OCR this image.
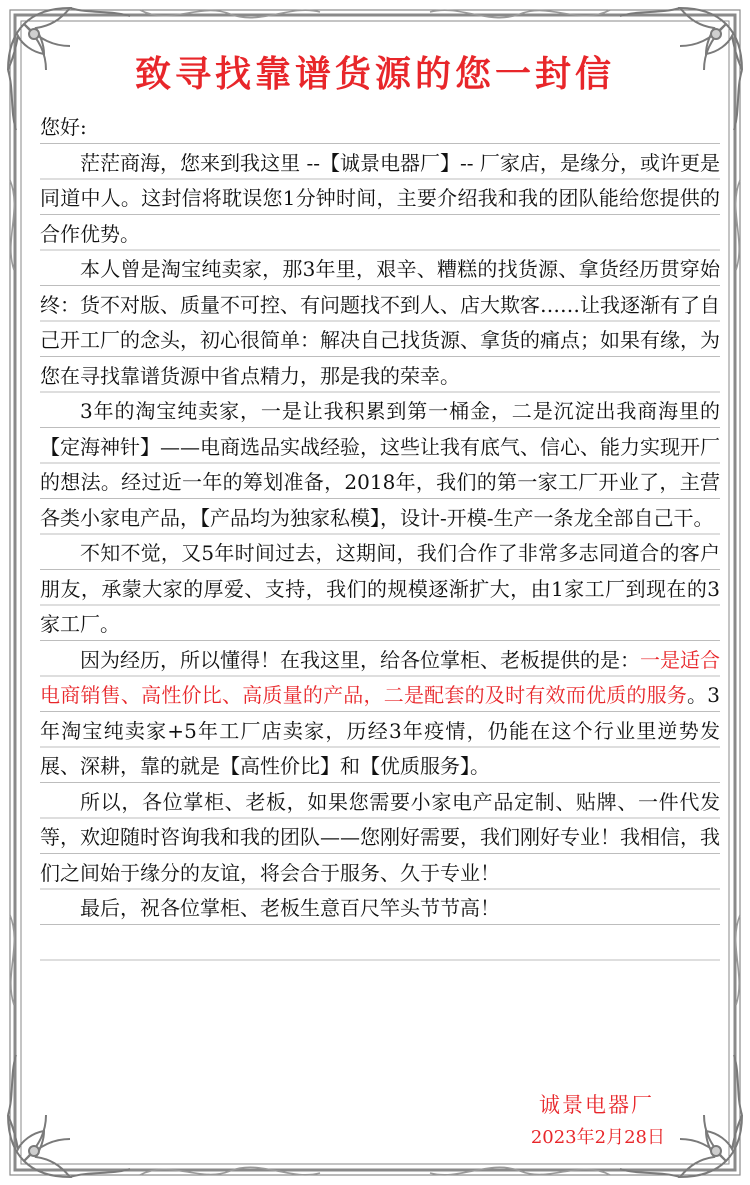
致寻找靠谱货源的您一封信

您好:

茫茫商海，您来到我这里 --【诚景电器厂】-- 厂家店，是缘分，或许更是同道中人。这封信将耽误您1分钟时间，主要介绍我和我的团队能给您提供的合作优势。

本人曾是淘宝纯卖家，那3年里，艰辛、糟糕的找货源、拿货经历贯穿始终：货不对版、质量不可控、有问题找不到人、店大欺客……让我逐渐有了自己开工厂的念头，初心很简单：解决自己找货源、拿货的痛点；如果有缘，为您在寻找靠谱货源中省点精力，那是我的荣幸。

3年的淘宝纯卖家，一是让我积累到第一桶金，二是沉淀出我商海里的【定海神针】——电商选品实战经验，这些让我有底气、信心、能力实现开厂的想法。经过近一年的筹划准备，2018年，我们的第一家工厂开业了，主营各类小家电产品，【产品均为独家私模】，设计-开模-生产一条龙全部自己干。

不知不觉，又5年时间过去，这期间，我们合作了非常多志同道合的客户朋友，承蒙大家的厚爱、支持，我们的规模逐渐扩大，由1家工厂到现在的3家工厂。

因为经历，所以懂得！在我这里，给各位掌柜、老板提供的是：一是适合电商销售、高性价比、高质量的产品，二是配套的及时有效而优质的服务。3年淘宝纯卖家+5年工厂店卖家，历经3年疫情，仍能在这个行业里逆势发展、深耕，靠的就是【高性价比】和【优质服务】。

所以，各位掌柜、老板，如果您需要小家电产品定制、贴牌、一件代发等，欢迎随时咨询我和我的团队——您刚好需要，我们刚好专业！我相信，我们之间始于缘分的友谊，将会合于服务、久于专业！

最后，祝各位掌柜、老板生意百尺竿头节节高！

诚景电器厂
2023年2月28日
